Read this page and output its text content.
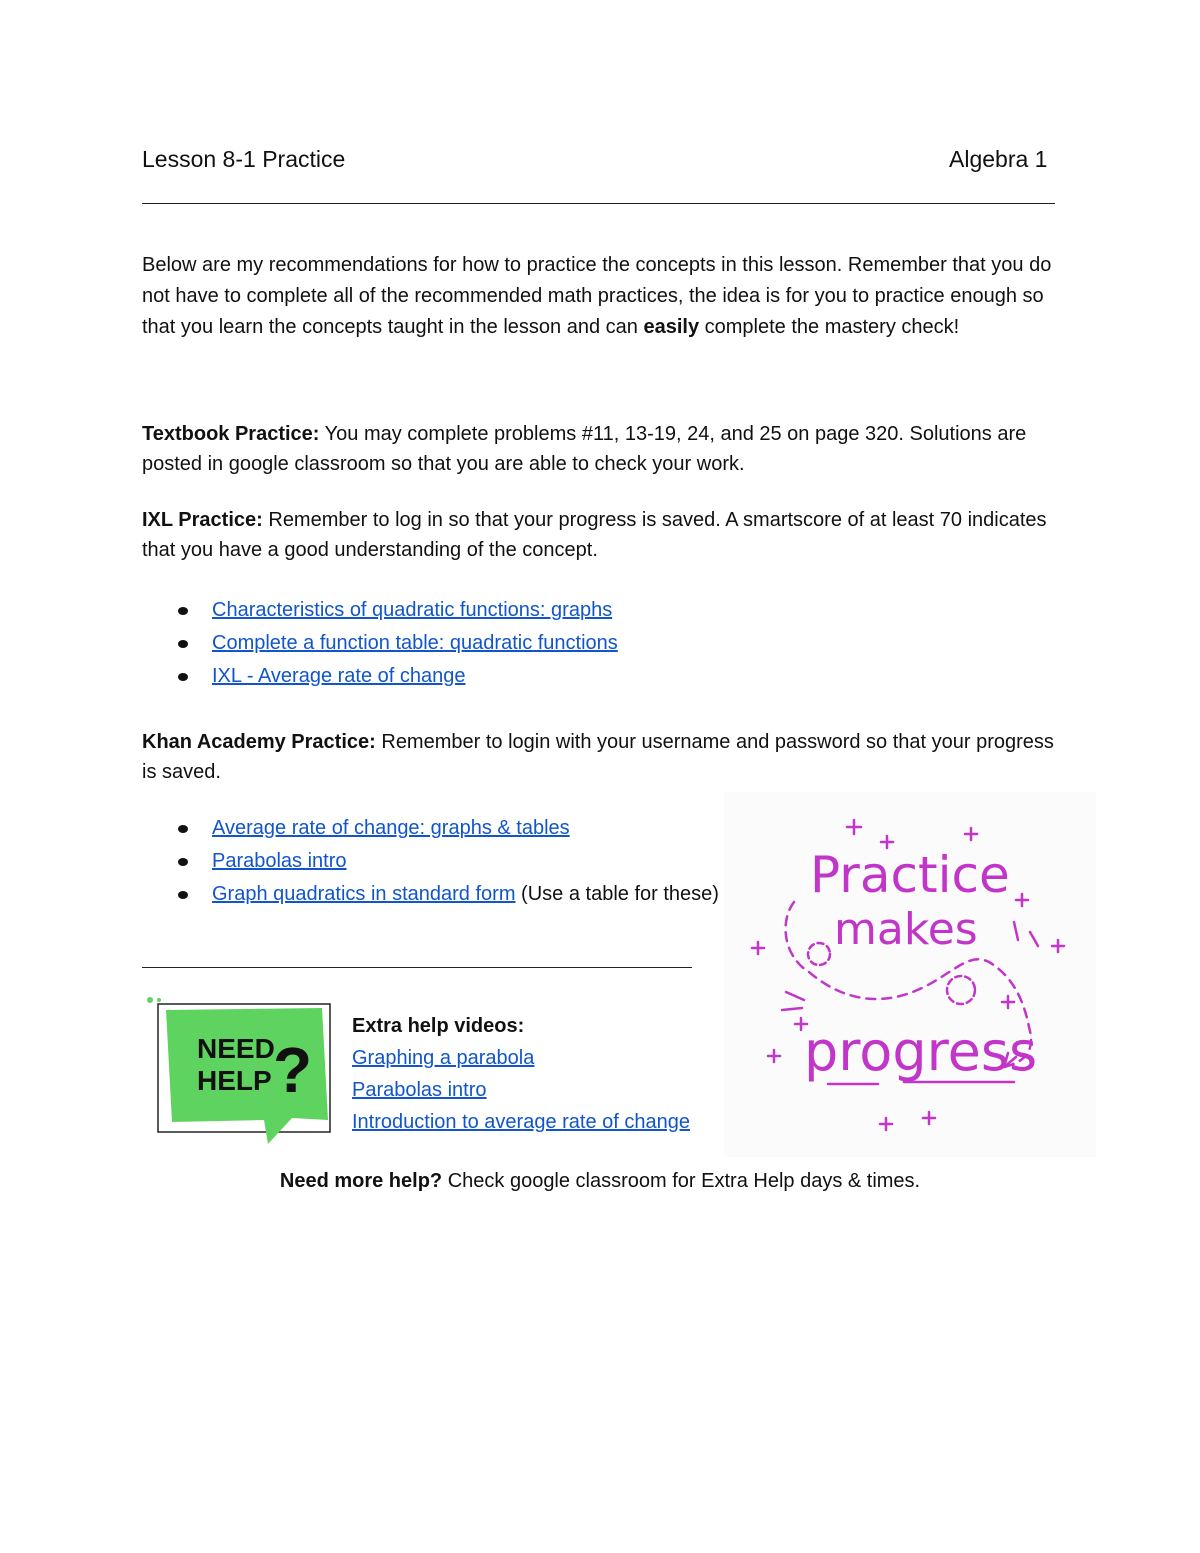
Lesson 8-1 Practice	Algebra 1
Below are my recommendations for how to practice the concepts in this lesson. Remember that you do not have to complete all of the recommended math practices, the idea is for you to practice enough so that you learn the concepts taught in the lesson and can easily complete the mastery check!
Textbook Practice: You may complete problems #11, 13-19, 24, and 25 on page 320. Solutions are posted in google classroom so that you are able to check your work.
IXL Practice: Remember to log in so that your progress is saved. A smartscore of at least 70 indicates that you have a good understanding of the concept.
Characteristics of quadratic functions: graphs
Complete a function table: quadratic functions
IXL - Average rate of change
Khan Academy Practice: Remember to login with your username and password so that your progress is saved.
Average rate of change: graphs & tables
Parabolas intro
Graph quadratics in standard form (Use a table for these)
NEED
HELP ?
Extra help videos:
Graphing a parabola
Parabolas intro
Introduction to average rate of change
Practice
makes
progress
Need more help? Check google classroom for Extra Help days & times.
